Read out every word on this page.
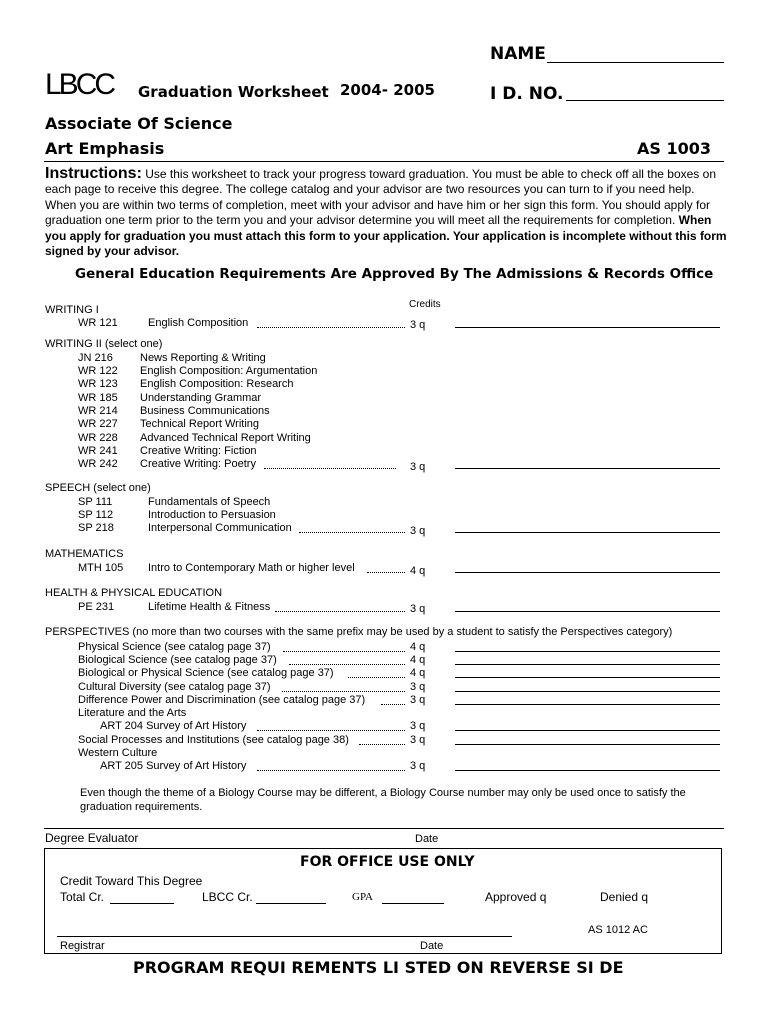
NAME
LBCC Graduation Worksheet 2004- 2005	I D. NO.
Associate Of Science
Art Emphasis	AS 1003
Instructions: Use this worksheet to track your progress toward graduation. You must be able to check off all the boxes on each page to receive this degree. The college catalog and your advisor are two resources you can turn to if you need help. When you are within two terms of completion, meet with your advisor and have him or her sign this form. You should apply for graduation one term prior to the term you and your advisor determine you will meet all the requirements for completion. When you apply for graduation you must attach this form to your application. Your application is incomplete without this form signed by your advisor.
General Education Requirements Are Approved By The Admissions & Records Office
Credits
WRITING I
WR 121	English Composition	3 q
WRITING II (select one)
JN 216 News Reporting & Writing
WR 122 English Composition: Argumentation
WR 123 English Composition: Research
WR 185 Understanding Grammar
WR 214 Business Communications
WR 227 Technical Report Writing
WR 228 Advanced Technical Report Writing
WR 241 Creative Writing: Fiction
WR 242 Creative Writing: Poetry	3 q
SPEECH (select one)
SP 111	Fundamentals of Speech
SP 112	Introduction to Persuasion
SP 218	Interpersonal Communication	3 q
MATHEMATICS
MTH 105 Intro to Contemporary Math or higher level	4 q
HEALTH & PHYSICAL EDUCATION
PE 231	Lifetime Health & Fitness	3 q
PERSPECTIVES (no more than two courses with the same prefix may be used by a student to satisfy the Perspectives category)
Physical Science (see catalog page 37)	4 q
Biological Science (see catalog page 37)	4 q
Biological or Physical Science (see catalog page 37)	4 q
Cultural Diversity (see catalog page 37)	3 q
Difference Power and Discrimination (see catalog page 37)	3 q
Literature and the Arts
ART 204 Survey of Art History	3 q
Social Processes and Institutions (see catalog page 38)	3 q
Western Culture
ART 205 Survey of Art History	3 q
Even though the theme of a Biology Course may be different, a Biology Course number may only be used once to satisfy the graduation requirements.
Degree Evaluator	Date
FOR OFFICE USE ONLY
Credit Toward This Degree
Total Cr.	LBCC Cr.	GPA	Approved q	Denied q
AS 1012 AC
Registrar	Date
PROGRAM REQUI REMENTS LI STED ON REVERSE SI DE
